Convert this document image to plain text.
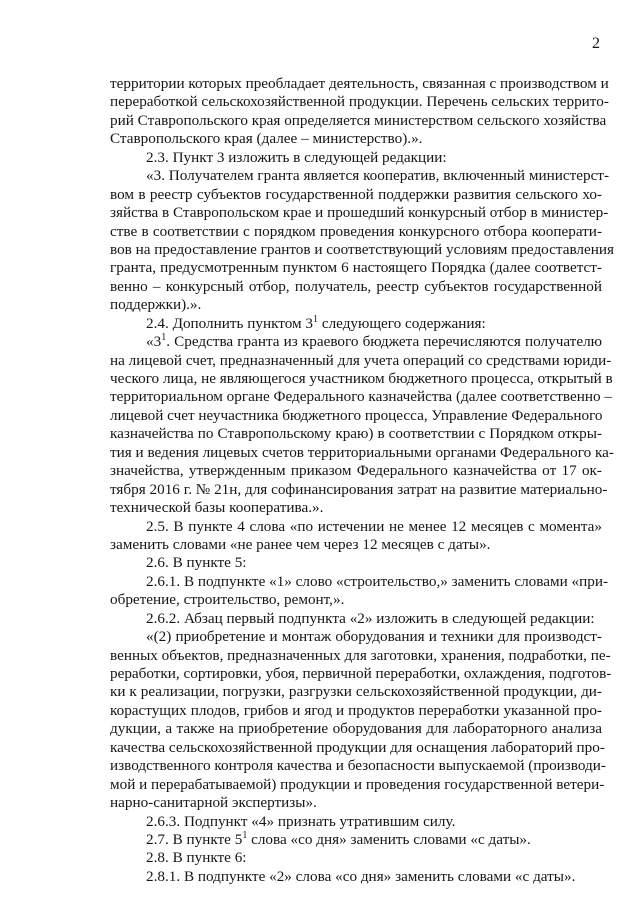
2
территории которых преобладает деятельность, связанная с производством и
переработкой сельскохозяйственной продукции. Перечень сельских террито-
рий Ставропольского края определяется министерством сельского хозяйства
Ставропольского края (далее – министерство).».
2.3. Пункт 3 изложить в следующей редакции:
«3. Получателем гранта является кооператив, включенный министерст-
вом в реестр субъектов государственной поддержки развития сельского хо-
зяйства в Ставропольском крае и прошедший конкурсный отбор в министер-
стве в соответствии с порядком проведения конкурсного отбора кооперати-
вов на предоставление грантов и соответствующий условиям предоставления
гранта, предусмотренным пунктом 6 настоящего Порядка (далее соответст-
венно – конкурсный отбор, получатель, реестр субъектов государственной
поддержки).».
2.4. Дополнить пунктом $3^1$ следующего содержания:
«$3^1$. Средства гранта из краевого бюджета перечисляются получателю
на лицевой счет, предназначенный для учета операций со средствами юриди-
ческого лица, не являющегося участником бюджетного процесса, открытый в
территориальном органе Федерального казначейства (далее соответственно –
лицевой счет неучастника бюджетного процесса, Управление Федерального
казначейства по Ставропольскому краю) в соответствии с Порядком откры-
тия и ведения лицевых счетов территориальными органами Федерального ка-
значейства, утвержденным приказом Федерального казначейства от 17 ок-
тября 2016 г. № 21н, для софинансирования затрат на развитие материально-
технической базы кооператива.».
2.5. В пункте 4 слова «по истечении не менее 12 месяцев с момента»
заменить словами «не ранее чем через 12 месяцев с даты».
2.6. В пункте 5:
2.6.1. В подпункте «1» слово «строительство,» заменить словами «при-
обретение, строительство, ремонт,».
2.6.2. Абзац первый подпункта «2» изложить в следующей редакции:
«(2) приобретение и монтаж оборудования и техники для производст-
венных объектов, предназначенных для заготовки, хранения, подработки, пе-
реработки, сортировки, убоя, первичной переработки, охлаждения, подготов-
ки к реализации, погрузки, разгрузки сельскохозяйственной продукции, ди-
корастущих плодов, грибов и ягод и продуктов переработки указанной про-
дукции, а также на приобретение оборудования для лабораторного анализа
качества сельскохозяйственной продукции для оснащения лабораторий про-
изводственного контроля качества и безопасности выпускаемой (производи-
мой и перерабатываемой) продукции и проведения государственной ветери-
нарно-санитарной экспертизы».
2.6.3. Подпункт «4» признать утратившим силу.
2.7. В пункте $5^1$ слова «со дня» заменить словами «с даты».
2.8. В пункте 6:
2.8.1. В подпункте «2» слова «со дня» заменить словами «с даты».
